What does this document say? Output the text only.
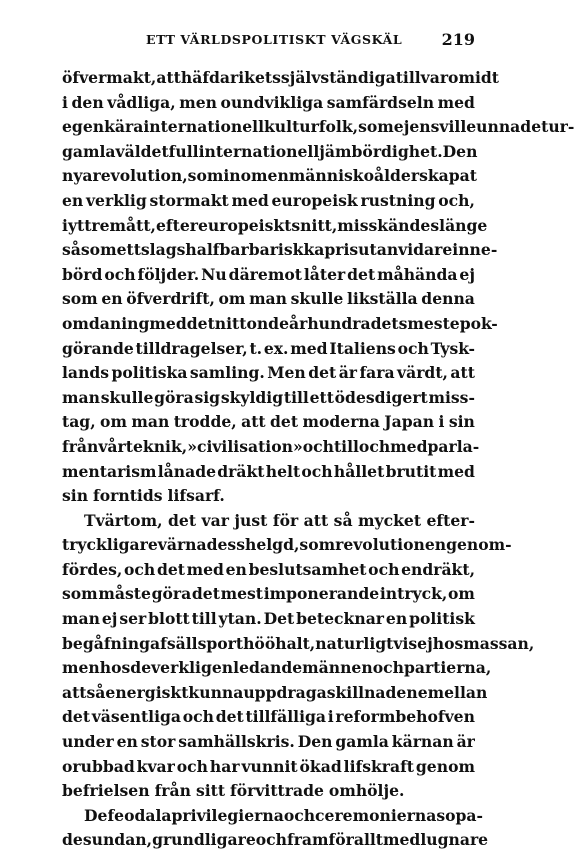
ETT VÄRLDSPOLITISKT VÄGSKÄL 219
öfvermakt, att häfda rikets självständiga tillvaro midt
i den vådliga, men oundvikliga samfärdseln med
egenkära internationell kulturfolk, som ej ens ville unna det ur-
gamla väldet full internationell jämbördighet. Den
nya revolution, som inom en människoålder skapat
en verklig stormakt med europeisk rustning och,
i yttre mått, efter europeiskt snitt, misskändes länge
såsom ett slags halfbarbarisk kapris utan vidare inne-
börd och följder. Nu däremot låter det måhända ej
som en öfverdrift, om man skulle likställa denna
omdaning med det nittonde århundradets mest epok-
görande tilldragelser, t. ex. med Italiens och Tysk-
lands politiska samling. Men det är fara värdt, att
man skulle göra sig skyldig till ett ödesdigert miss-
tag, om man trodde, att det moderna Japan i sin
från vår teknik, »civilisation» och till och med parla-
mentarism lånade dräkt helt och hållet brutit med
sin forntids lifsarf.
Tvärtom, det var just för att så mycket efter-
tryckligare värna dess helgd, som revolutionen genom-
fördes, och det med en beslutsamhet och endräkt,
som måste göra det mest imponerande intryck, om
man ej ser blott till ytan. Det betecknar en politisk
begåfning af sällsport höö halt, naturligtvis ej hos massan,
men hos de verkligen ledande männen och partierna,
att så energiskt kunna uppdraga skillnaden emellan
det väsentliga och det tillfälliga i reformbehofven
under en stor samhällskris. Den gamla kärnan är
orubbad kvar och har vunnit ökad lifskraft genom
befrielsen från sitt förvittrade omhölje.
De feodala privilegierna och ceremonierna sopa-
des undan, grundligare och framför allt med lugnare
